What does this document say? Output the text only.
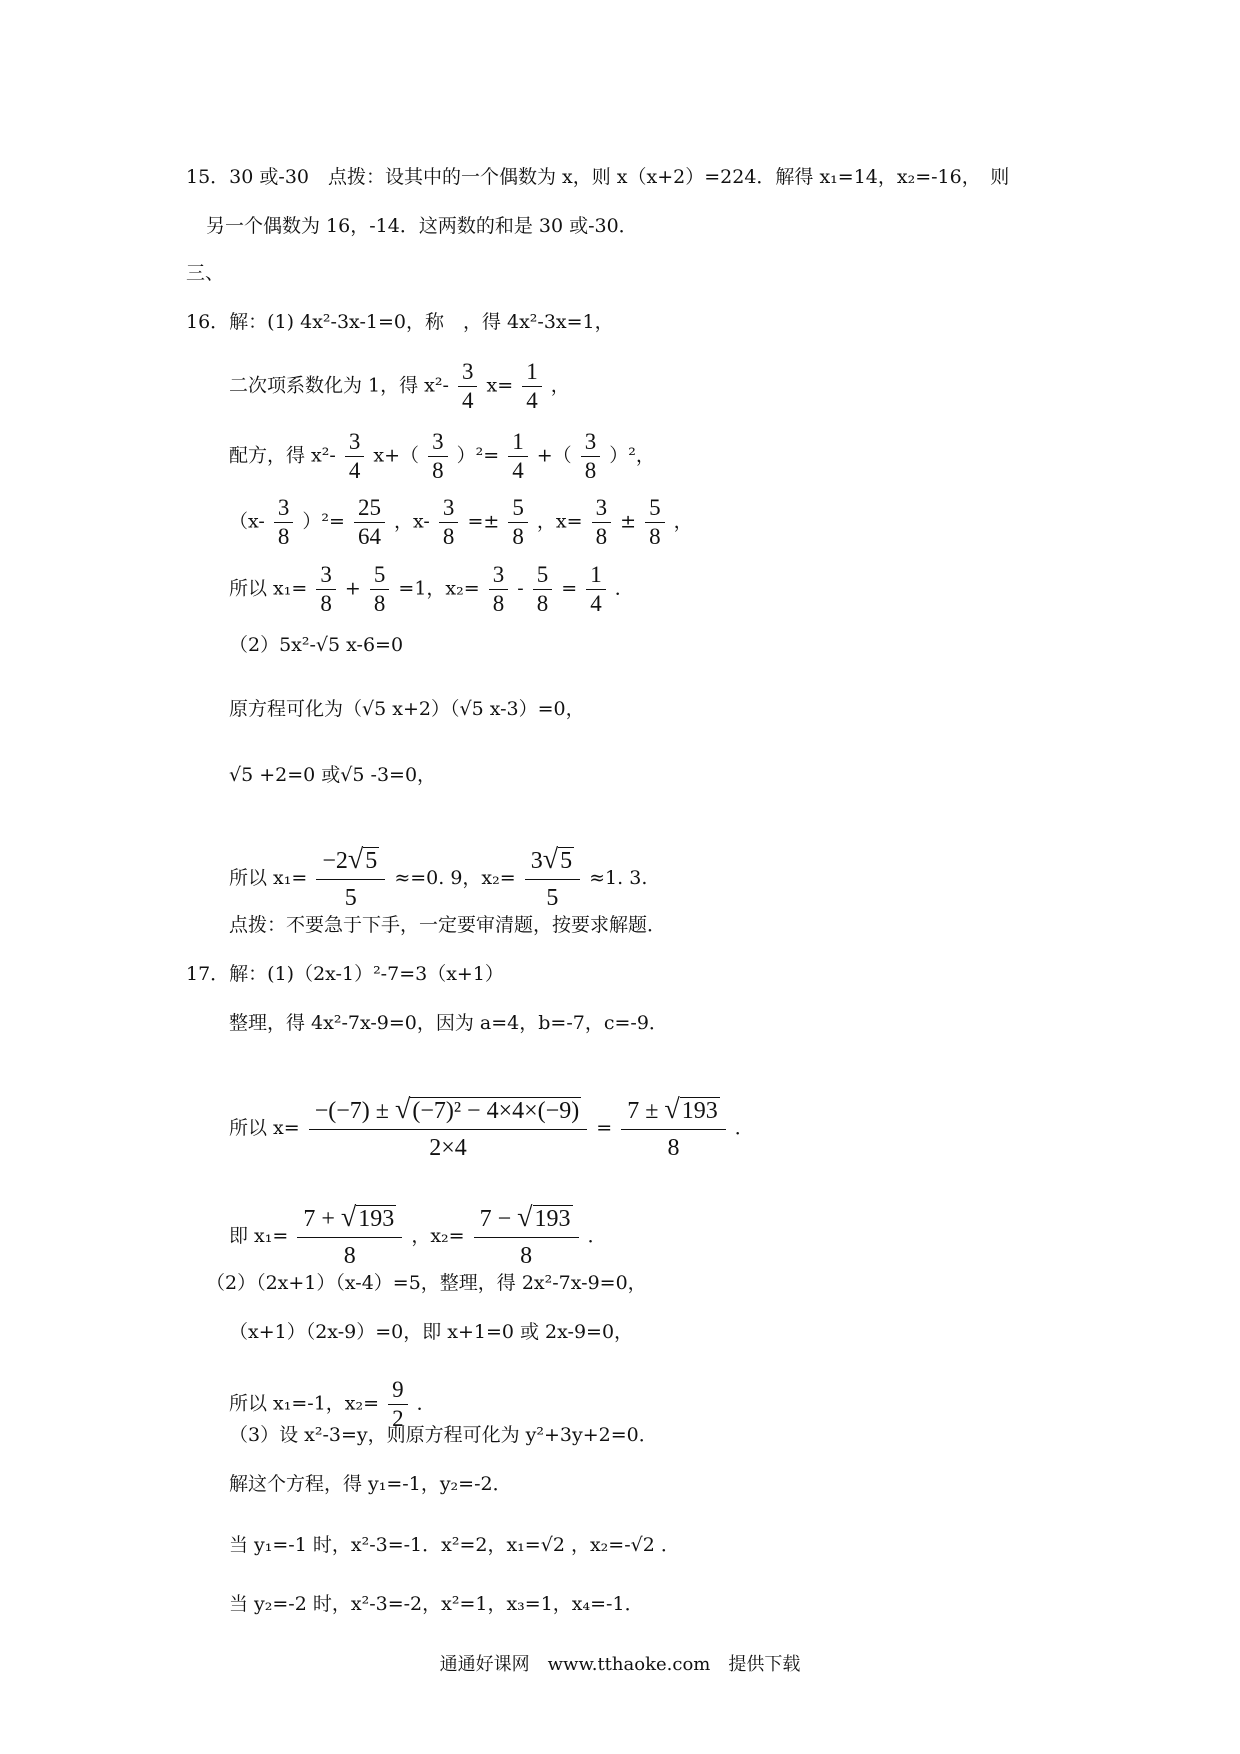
15．30 或-30　点拨：设其中的一个偶数为 x，则 x（x+2）=224．解得 x₁=14，x₂=-16，　则
另一个偶数为 16，-14．这两数的和是 30 或-30．
三、
16．解：(1) 4x²-3x-1=0，称　，得 4x²-3x=1，
二次项系数化为 1，得 $x^2- \frac{3}{4} x= \frac{1}{4}$ ，
配方，得 $x^2- \frac{3}{4} x+( \frac{3}{8} )^2= \frac{1}{4}$ +（ $\frac{3}{8} )^2$，
$(x- \frac{3}{8} )^2= \frac{25}{64}$ ，$x- \frac{3}{8} =\pm \frac{5}{8}$ ，$x= \frac{3}{8} \pm \frac{5}{8}$ ，
所以 $x_1= \frac{3}{8} + \frac{5}{8} =1$，$x_2= \frac{3}{8} - \frac{5}{8} = \frac{1}{4}$ ．
（2）5x²-√5 x-6=0
原方程可化为（√5 x+2）（√5 x-3）=0，
√5 +2=0 或√5 -3=0，
所以 $x_1= \frac{-2√5}{5} \approx=0$. 9，$x_2= \frac{3√5}{5} \approx 1$. 3.
点拨：不要急于下手，一定要审清题，按要求解题．
17．解：(1)（2x-1）²-7=3（x+1）
整理，得 4x²-7x-9=0，因为 a=4，b=-7，c=-9．
所以 $x= \frac{\text{−(−7) ± √(−7)² − 4×4×(−9)}}{2\times 4} = \frac{7 \pm √193}{8}$ ．
即 $x_1= \frac{7 + √193}{8}$ ，$x_2= \frac{7 - √193}{8}$ ．
（2）（2x+1）（x-4）=5，整理，得 2x²-7x-9=0，
（x+1）（2x-9）=0，即 x+1=0 或 2x-9=0，
所以 x₁=-1，$x_2= \frac{9}{2}$ ．
（3）设 x²-3=y，则原方程可化为 y²+3y+2=0．
解这个方程，得 y₁=-1，y₂=-2．
当 y₁=-1 时，x²-3=-1．x²=2，x₁=√2 ，x₂=-√2 ．
当 y₂=-2 时，x²-3=-2，x²=1，x₃=1，x₄=-1．
通通好课网　www.tthaoke.com　提供下载
